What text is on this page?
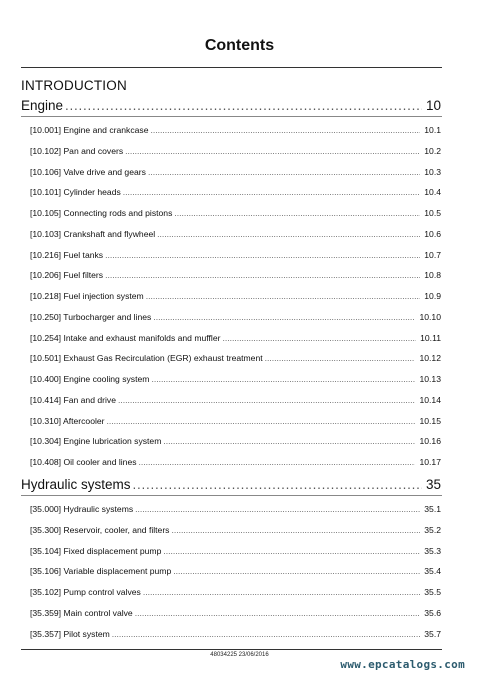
Contents
INTRODUCTION
Engine . . .	10
[10.001] Engine and crankcase . . .	10.1
[10.102] Pan and covers . . .	10.2
[10.106] Valve drive and gears . . .	10.3
[10.101] Cylinder heads . . .	10.4
[10.105] Connecting rods and pistons . . .	10.5
[10.103] Crankshaft and flywheel . . .	10.6
[10.216] Fuel tanks . . .	10.7
[10.206] Fuel filters . . .	10.8
[10.218] Fuel injection system . . .	10.9
[10.250] Turbocharger and lines . . .	10.10
[10.254] Intake and exhaust manifolds and muffler . . .	10.11
[10.501] Exhaust Gas Recirculation (EGR) exhaust treatment . . .	10.12
[10.400] Engine cooling system . . .	10.13
[10.414] Fan and drive . . .	10.14
[10.310] Aftercooler . . .	10.15
[10.304] Engine lubrication system . . .	10.16
[10.408] Oil cooler and lines . . .	10.17
Hydraulic systems . . .	35
[35.000] Hydraulic systems . . .	35.1
[35.300] Reservoir, cooler, and filters . . .	35.2
[35.104] Fixed displacement pump . . .	35.3
[35.106] Variable displacement pump . . .	35.4
[35.102] Pump control valves . . .	35.5
[35.359] Main control valve . . .	35.6
[35.357] Pilot system . . .	35.7
48034225 23/06/2016
www.epcatalogs.com
